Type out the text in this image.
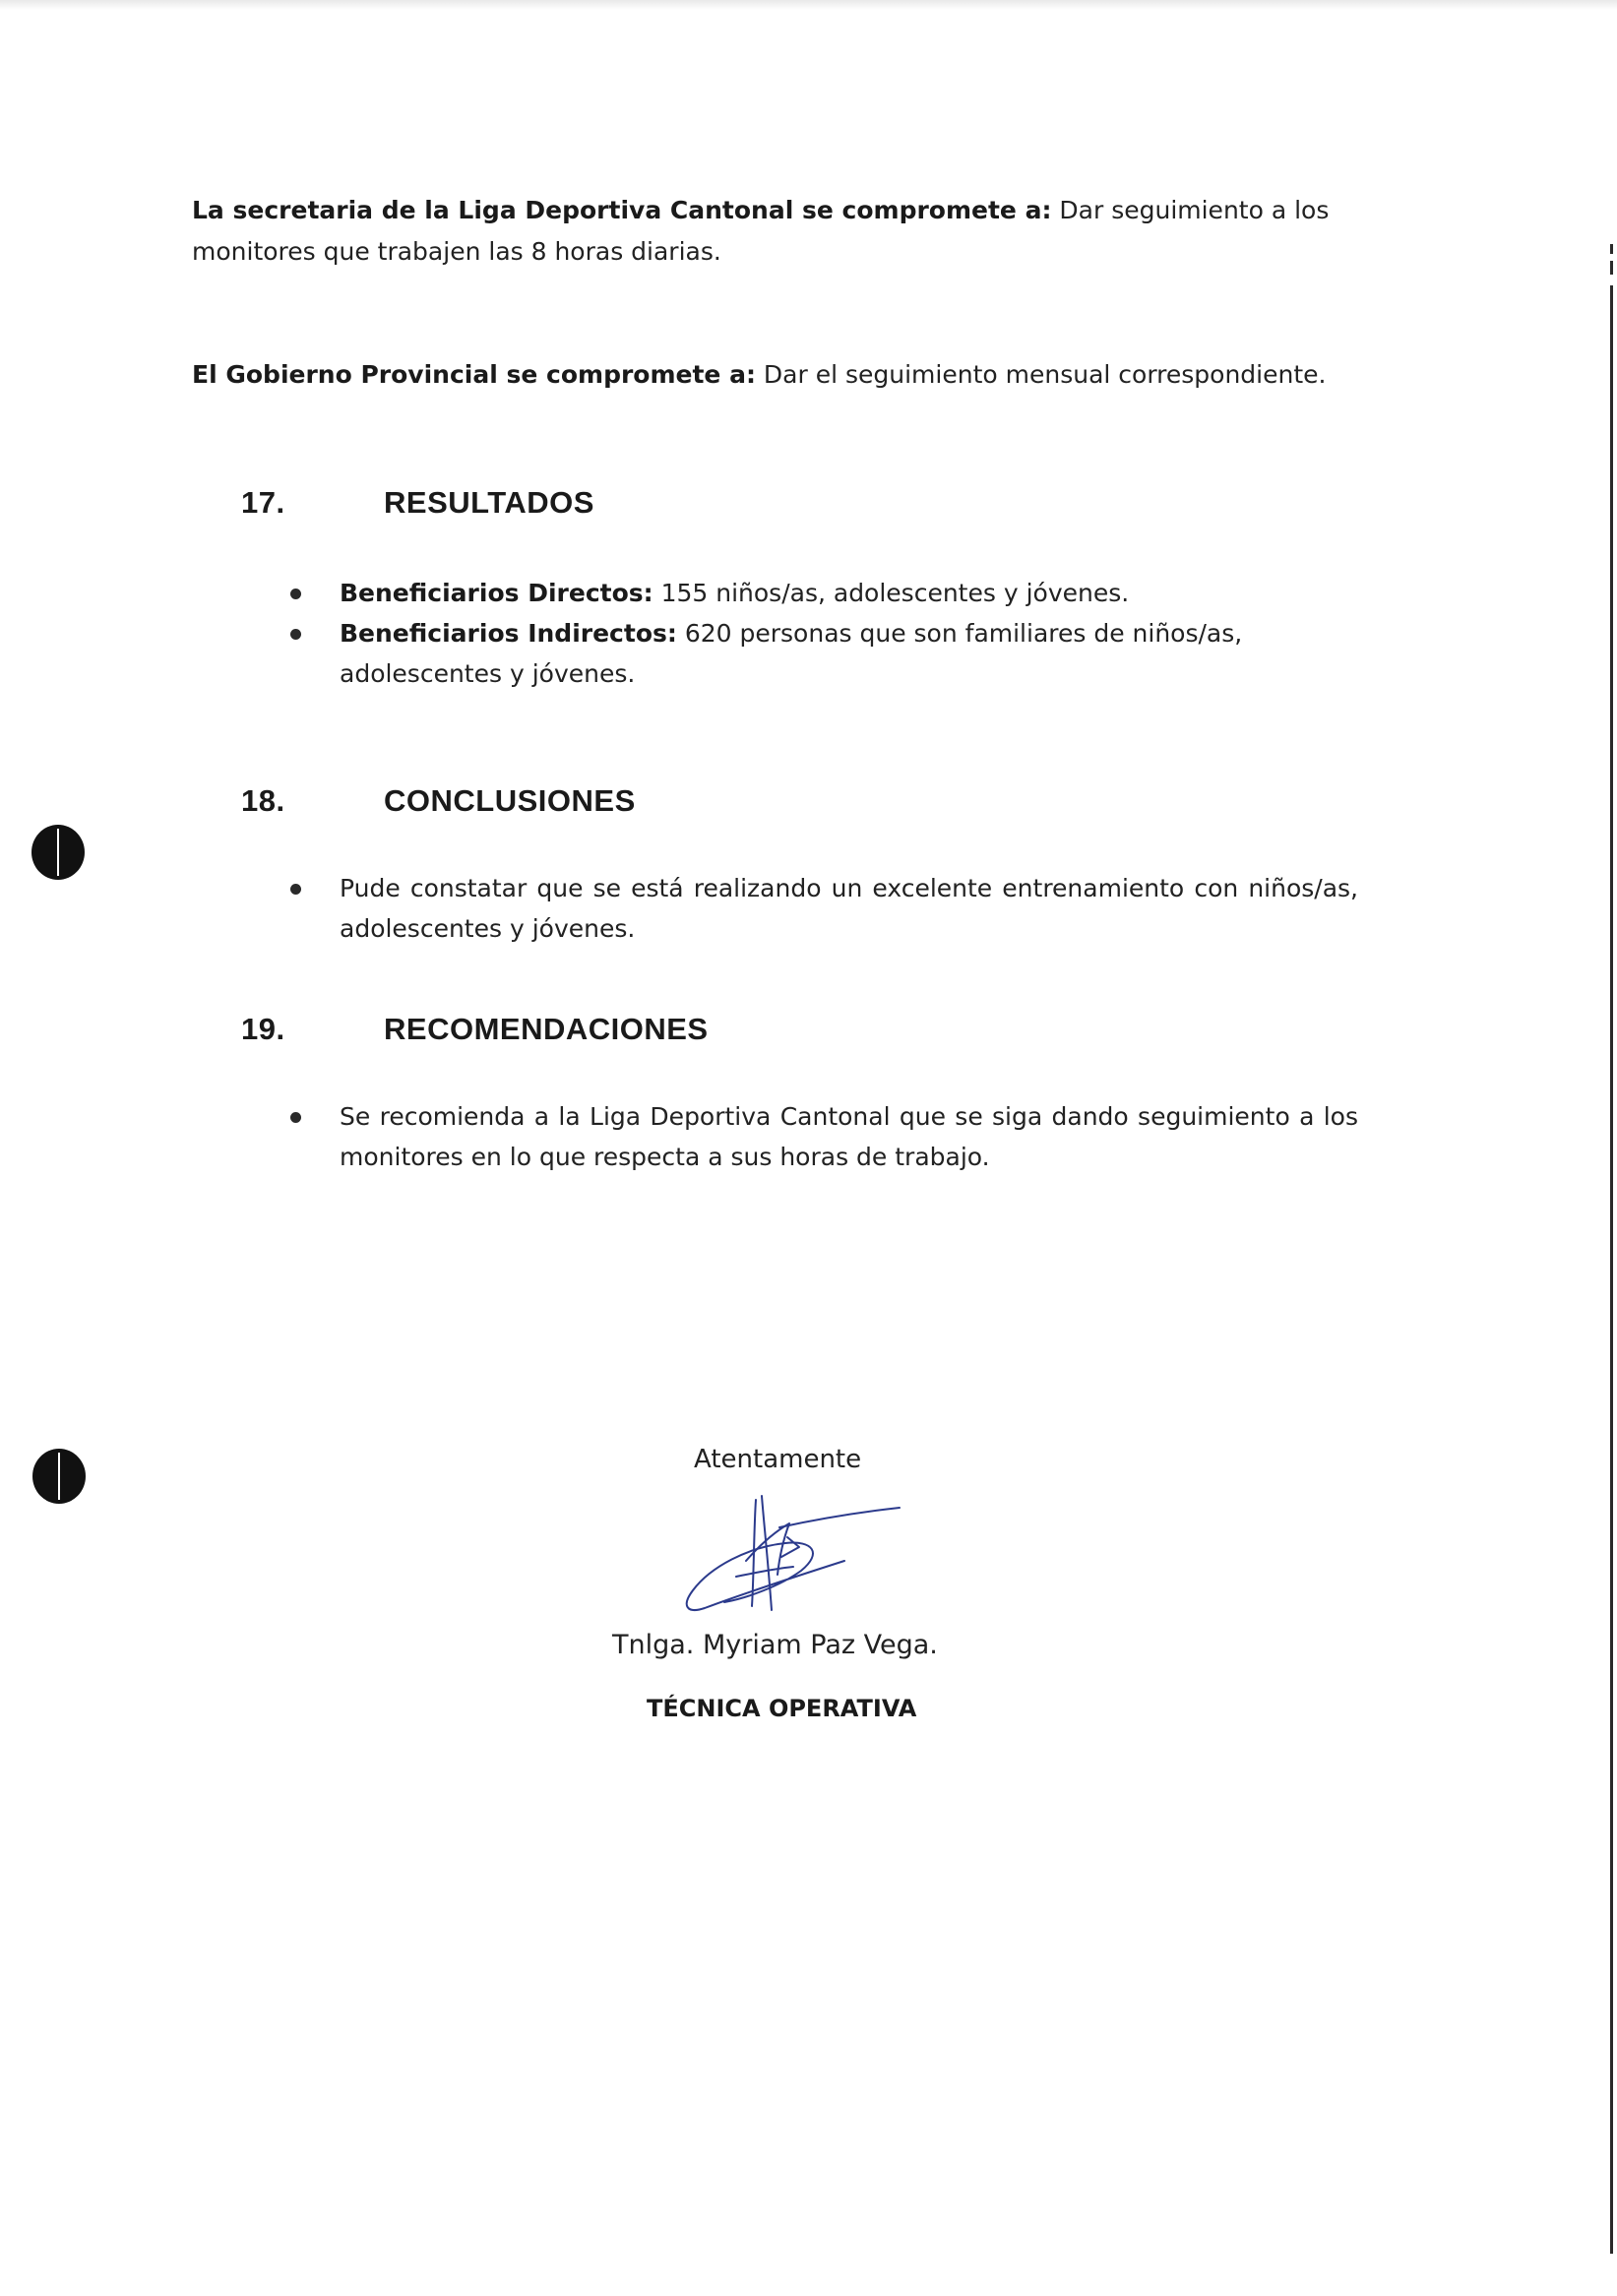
La secretaria de la Liga Deportiva Cantonal se compromete a: Dar seguimiento a los monitores que trabajen las 8 horas diarias.

El Gobierno Provincial se compromete a: Dar el seguimiento mensual correspondiente.

17.	RESULTADOS
Beneficiarios Directos: 155 niños/as, adolescentes y jóvenes.
Beneficiarios Indirectos: 620 personas que son familiares de niños/as, adolescentes y jóvenes.
18.	CONCLUSIONES
Pude constatar que se está realizando un excelente entrenamiento con niños/as, adolescentes y jóvenes.
19.	RECOMENDACIONES
Se recomienda a la Liga Deportiva Cantonal que se siga dando seguimiento a los monitores en lo que respecta a sus horas de trabajo.
Atentamente
Tnlga. Myriam Paz Vega.
TÉCNICA OPERATIVA
